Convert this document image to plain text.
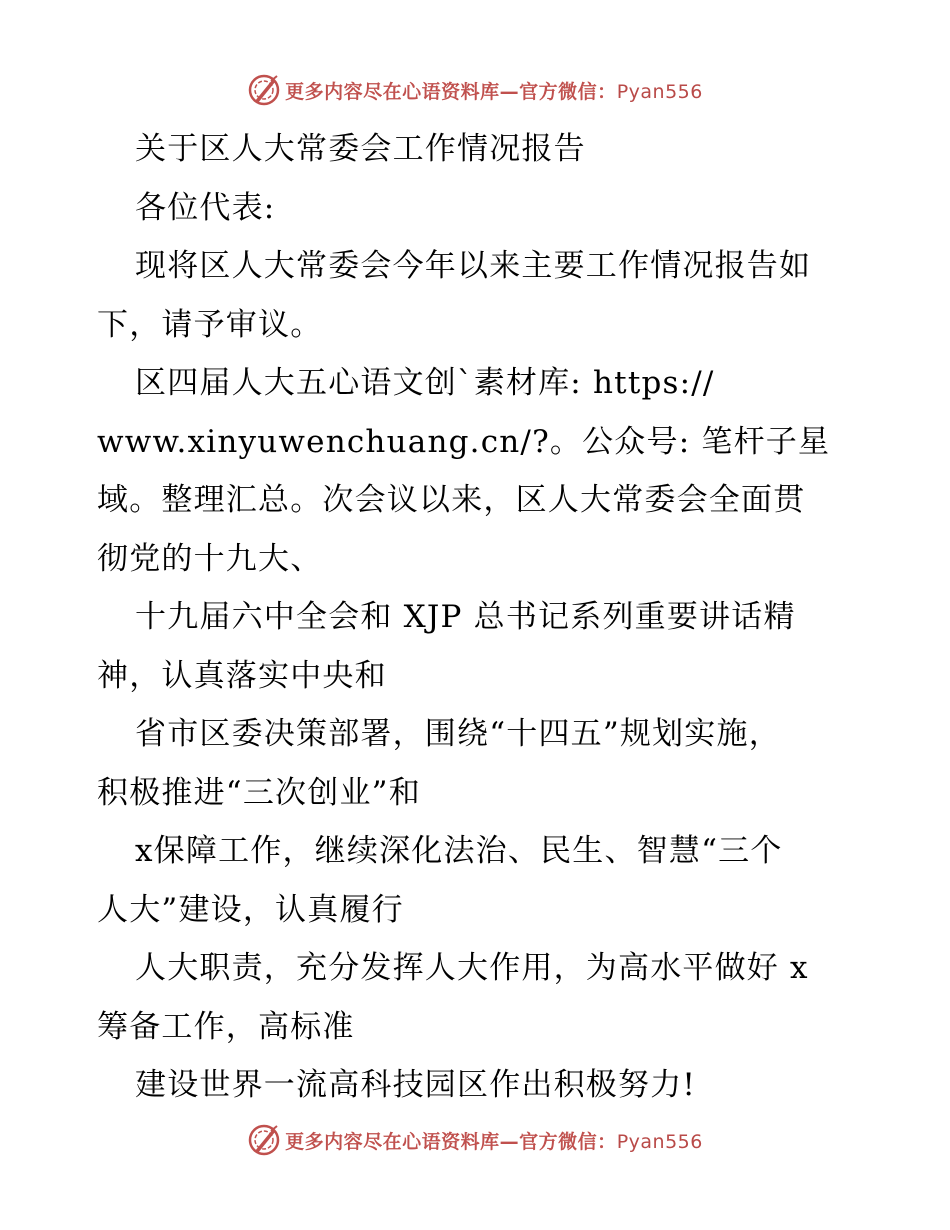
更多内容尽在心语资料库—官方微信：Pyan556
关于区人大常委会工作情况报告
各位代表:
现将区人大常委会今年以来主要工作情况报告如
下，请予审议。
区四届人大五心语文创`素材库: https://
www.xinyuwenchuang.cn/?。公众号: 笔杆子星
域。整理汇总。次会议以来，区人大常委会全面贯
彻党的十九大、
十九届六中全会和 XJP 总书记系列重要讲话精
神，认真落实中央和
省市区委决策部署，围绕“十四五”规划实施，
积极推进“三次创业”和
x保障工作，继续深化法治、民生、智慧“三个
人大”建设，认真履行
人大职责，充分发挥人大作用，为高水平做好 x
筹备工作，高标准
建设世界一流高科技园区作出积极努力!
更多内容尽在心语资料库—官方微信：Pyan556
